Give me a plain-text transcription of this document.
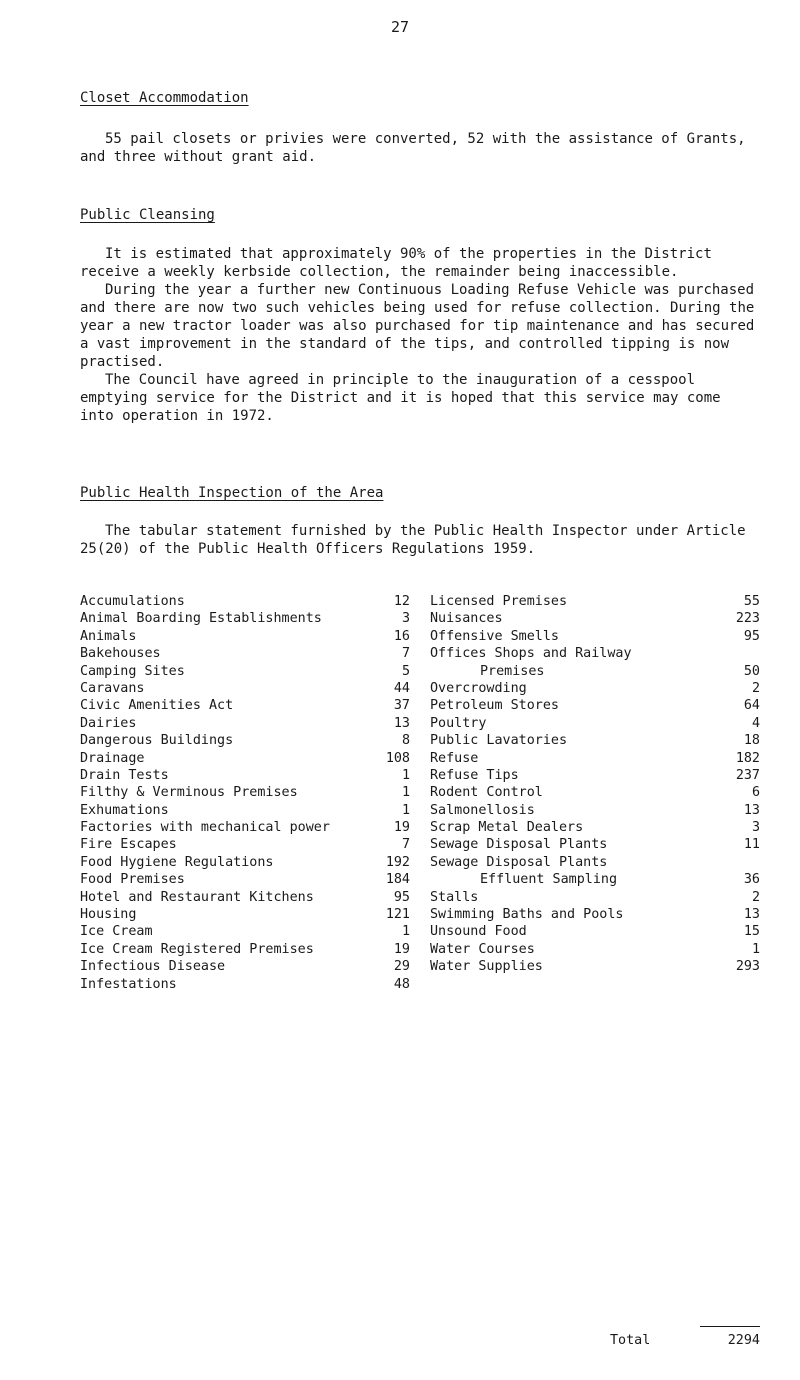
27
Closet Accommodation

55 pail closets or privies were converted, 52 with the assistance of Grants, and three without grant aid.

Public Cleansing

It is estimated that approximately 90% of the properties in the District receive a weekly kerbside collection, the remainder being inaccessible.

During the year a further new Continuous Loading Refuse Vehicle was purchased and there are now two such vehicles being used for refuse collection. During the year a new tractor loader was also purchased for tip maintenance and has secured a vast improvement in the standard of the tips, and controlled tipping is now practised.

The Council have agreed in principle to the inauguration of a cesspool emptying service for the District and it is hoped that this service may come into operation in 1972.

Public Health Inspection of the Area

The tabular statement furnished by the Public Health Inspector under Article 25(20) of the Public Health Officers Regulations 1959.

Accumulations	12
Animal Boarding Establishments	3
Animals	16
Bakehouses	7
Camping Sites	5
Caravans	44
Civic Amenities Act	37
Dairies	13
Dangerous Buildings	8
Drainage	108
Drain Tests	1
Filthy & Verminous Premises	1
Exhumations	1
Factories with mechanical power	19
Fire Escapes	7
Food Hygiene Regulations	192
Food Premises	184
Hotel and Restaurant Kitchens	95
Housing	121
Ice Cream	1
Ice Cream Registered Premises	19
Infectious Disease	29
Infestations	48
Licensed Premises	55
Nuisances	223
Offensive Smells	95
Offices Shops and Railway
Premises	50
Overcrowding	2
Petroleum Stores	64
Poultry	4
Public Lavatories	18
Refuse	182
Refuse Tips	237
Rodent Control	6
Salmonellosis	13
Scrap Metal Dealers	3
Sewage Disposal Plants	11
Sewage Disposal Plants
Effluent Sampling	36
Stalls	2
Swimming Baths and Pools	13
Unsound Food	15
Water Courses	1
Water Supplies	293
Total	2294
